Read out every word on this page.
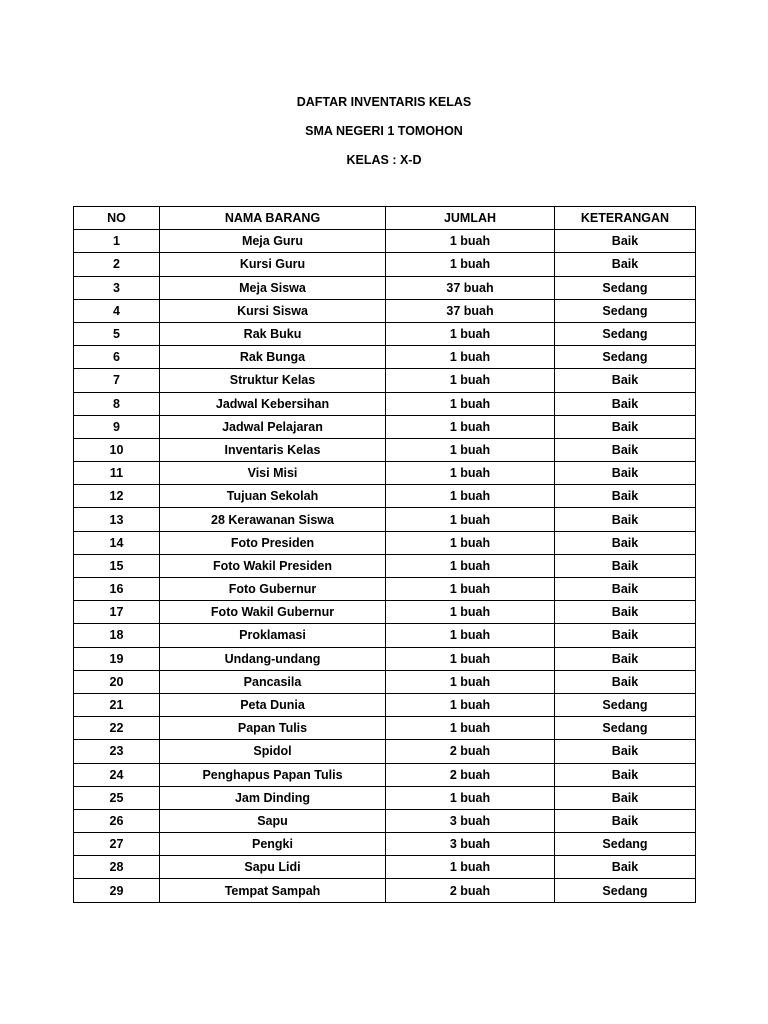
DAFTAR INVENTARIS KELAS
SMA NEGERI 1 TOMOHON
KELAS : X-D
NO	NAMA BARANG	JUMLAH	KETERANGAN
1	Meja Guru	1 buah	Baik
2	Kursi Guru	1 buah	Baik
3	Meja Siswa	37 buah	Sedang
4	Kursi Siswa	37 buah	Sedang
5	Rak Buku	1 buah	Sedang
6	Rak Bunga	1 buah	Sedang
7	Struktur Kelas	1 buah	Baik
8	Jadwal Kebersihan	1 buah	Baik
9	Jadwal Pelajaran	1 buah	Baik
10	Inventaris Kelas	1 buah	Baik
11	Visi Misi	1 buah	Baik
12	Tujuan Sekolah	1 buah	Baik
13	28 Kerawanan Siswa	1 buah	Baik
14	Foto Presiden	1 buah	Baik
15	Foto Wakil Presiden	1 buah	Baik
16	Foto Gubernur	1 buah	Baik
17	Foto Wakil Gubernur	1 buah	Baik
18	Proklamasi	1 buah	Baik
19	Undang-undang	1 buah	Baik
20	Pancasila	1 buah	Baik
21	Peta Dunia	1 buah	Sedang
22	Papan Tulis	1 buah	Sedang
23	Spidol	2 buah	Baik
24	Penghapus Papan Tulis	2 buah	Baik
25	Jam Dinding	1 buah	Baik
26	Sapu	3 buah	Baik
27	Pengki	3 buah	Sedang
28	Sapu Lidi	1 buah	Baik
29	Tempat Sampah	2 buah	Sedang
